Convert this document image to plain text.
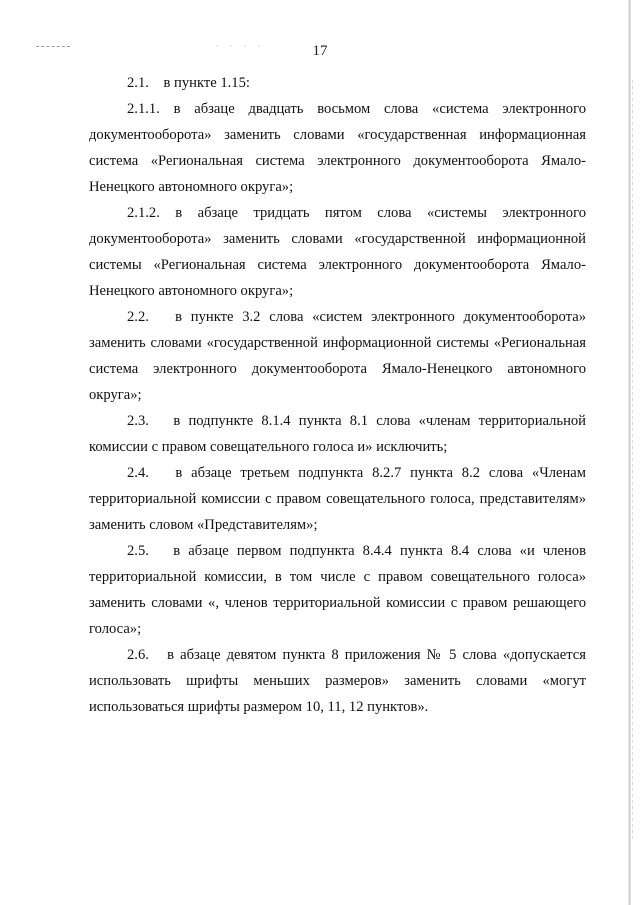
17

2.1.    в пункте 1.15:

2.1.1. в абзаце двадцать восьмом слова «система электронного документооборота» заменить словами «государственная информационная система «Региональная система электронного документооборота Ямало-Ненецкого автономного округа»;

2.1.2. в абзаце тридцать пятом слова «системы электронного документооборота» заменить словами «государственной информационной системы «Региональная система электронного документооборота Ямало-Ненецкого автономного округа»;

2.2.   в пункте 3.2 слова «систем электронного документооборота» заменить словами «государственной информационной системы «Региональная система электронного документооборота Ямало-Ненецкого автономного округа»;

2.3.   в подпункте 8.1.4 пункта 8.1 слова «членам территориальной комиссии с правом совещательного голоса и» исключить;

2.4.   в абзаце третьем подпункта 8.2.7 пункта 8.2 слова «Членам территориальной комиссии с правом совещательного голоса, представителям» заменить словом «Представителям»;

2.5.   в абзаце первом подпункта 8.4.4 пункта 8.4 слова «и членов территориальной комиссии, в том числе с правом совещательного голоса» заменить словами «, членов территориальной комиссии с правом решающего голоса»;

2.6.   в абзаце девятом пункта 8 приложения № 5 слова «допускается использовать шрифты меньших размеров» заменить словами «могут использоваться шрифты размером 10, 11, 12 пунктов».
